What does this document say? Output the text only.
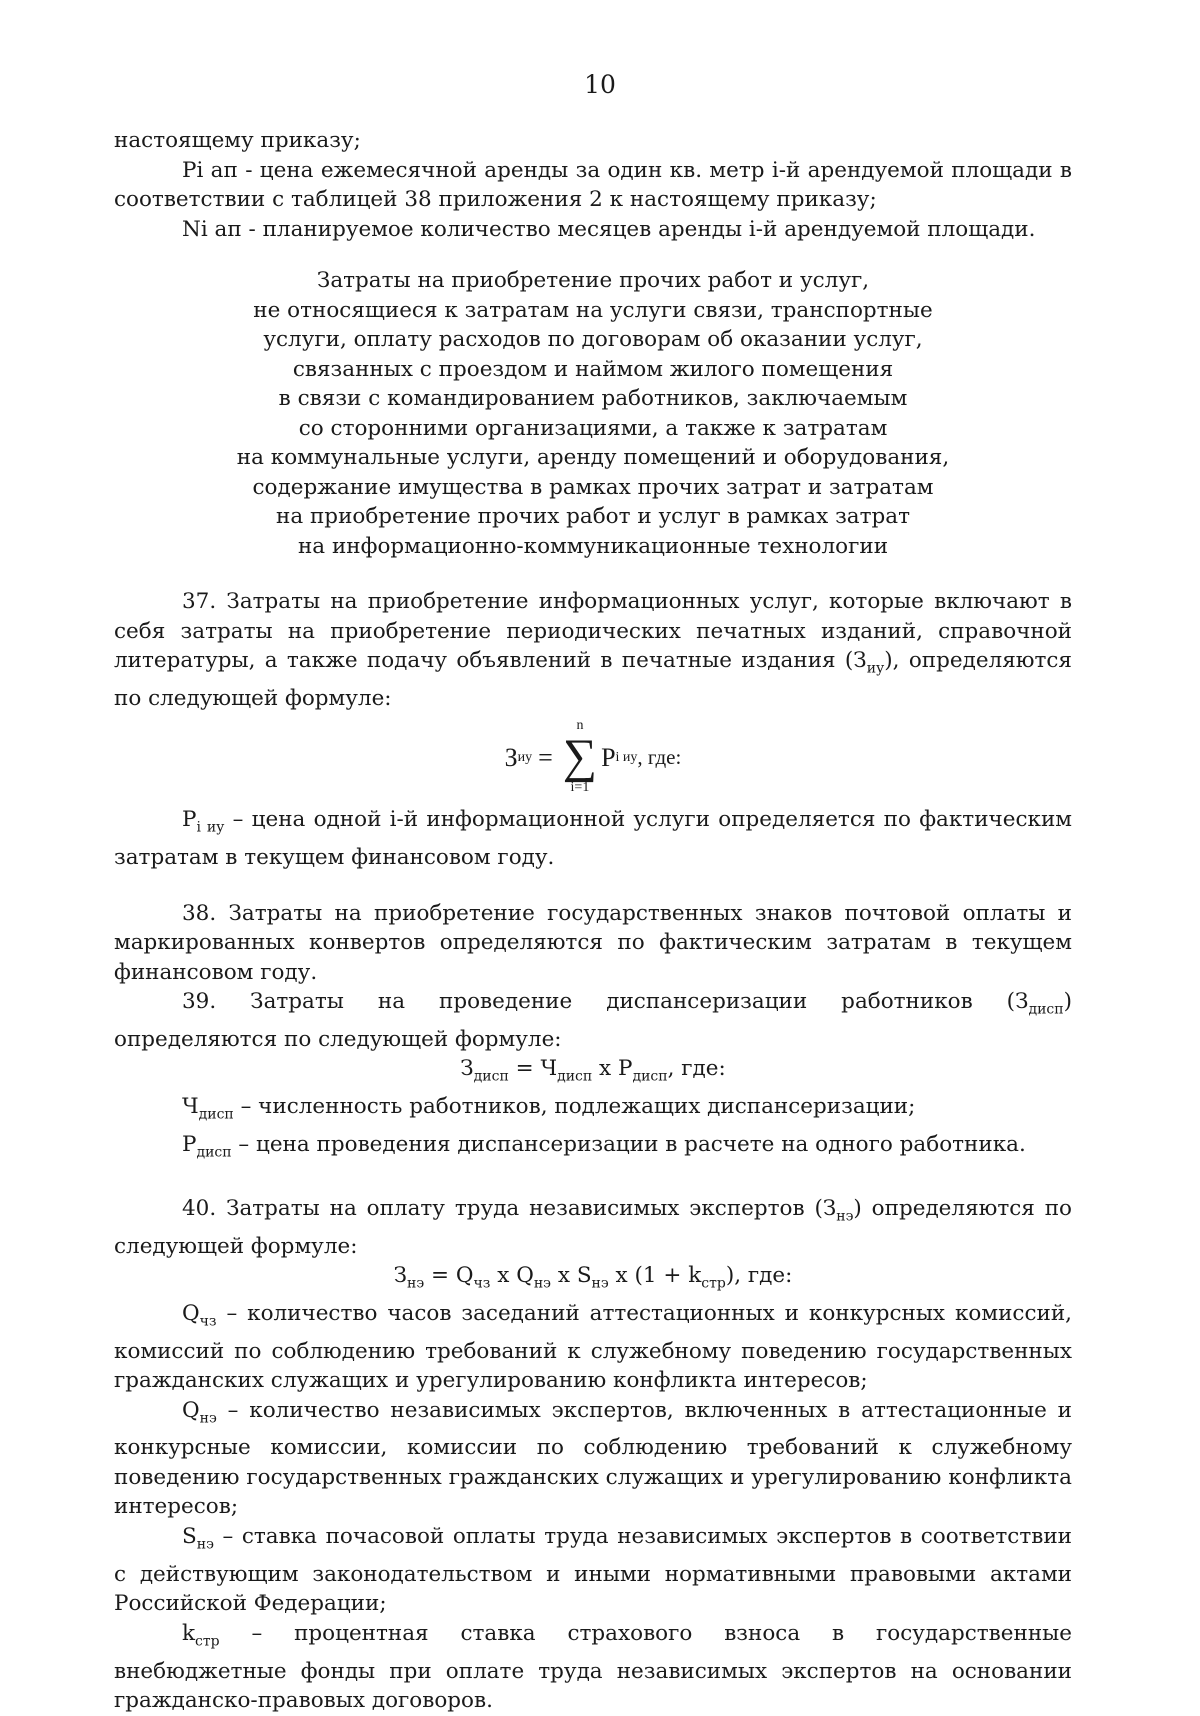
10

настоящему приказу;

Pi ап - цена ежемесячной аренды за один кв. метр i-й арендуемой площади в соответствии с таблицей 38 приложения 2 к настоящему приказу;

Ni ап - планируемое количество месяцев аренды i-й арендуемой площади.

Затраты на приобретение прочих работ и услуг,
не относящиеся к затратам на услуги связи, транспортные
услуги, оплату расходов по договорам об оказании услуг,
связанных с проездом и наймом жилого помещения
в связи с командированием работников, заключаемым
со сторонними организациями, а также к затратам
на коммунальные услуги, аренду помещений и оборудования,
содержание имущества в рамках прочих затрат и затратам
на приобретение прочих работ и услуг в рамках затрат
на информационно-коммуникационные технологии

37. Затраты на приобретение информационных услуг, которые включают в себя затраты на приобретение периодических печатных изданий, справочной литературы, а также подачу объявлений в печатные издания $(З_{иу})$, определяются по следующей формуле:

З иу =
n
∑
i=1
P i иу , где:

$P_{i иу}$ – цена одной i-й информационной услуги определяется по фактическим затратам в текущем финансовом году.

38. Затраты на приобретение государственных знаков почтовой оплаты и маркированных конвертов определяются по фактическим затратам в текущем финансовом году.

39. Затраты на проведение диспансеризации работников $(З_{дисп})$ определяются по следующей формуле:

$З_{дисп} = Ч_{дисп}$ x $P_{дисп}$, где:

$Ч_{дисп}$ – численность работников, подлежащих диспансеризации;

$P_{дисп}$ – цена проведения диспансеризации в расчете на одного работника.

40. Затраты на оплату труда независимых экспертов $(З_{нэ})$ определяются по следующей формуле:

$З_{нэ} = Q_{чз}$ x $Q_{нэ}$ x $S_{нэ}$ x $(1 + k_{стр})$, где:

$Q_{чз}$ – количество часов заседаний аттестационных и конкурсных комиссий, комиссий по соблюдению требований к служебному поведению государственных гражданских служащих и урегулированию конфликта интересов;

$Q_{нэ}$ – количество независимых экспертов, включенных в аттестационные и конкурсные комиссии, комиссии по соблюдению требований к служебному поведению государственных гражданских служащих и урегулированию конфликта интересов;

$S_{нэ}$ – ставка почасовой оплаты труда независимых экспертов в соответствии с действующим законодательством и иными нормативными правовыми актами Российской Федерации;

$k_{стр}$ – процентная ставка страхового взноса в государственные внебюджетные фонды при оплате труда независимых экспертов на основании гражданско-правовых договоров.
